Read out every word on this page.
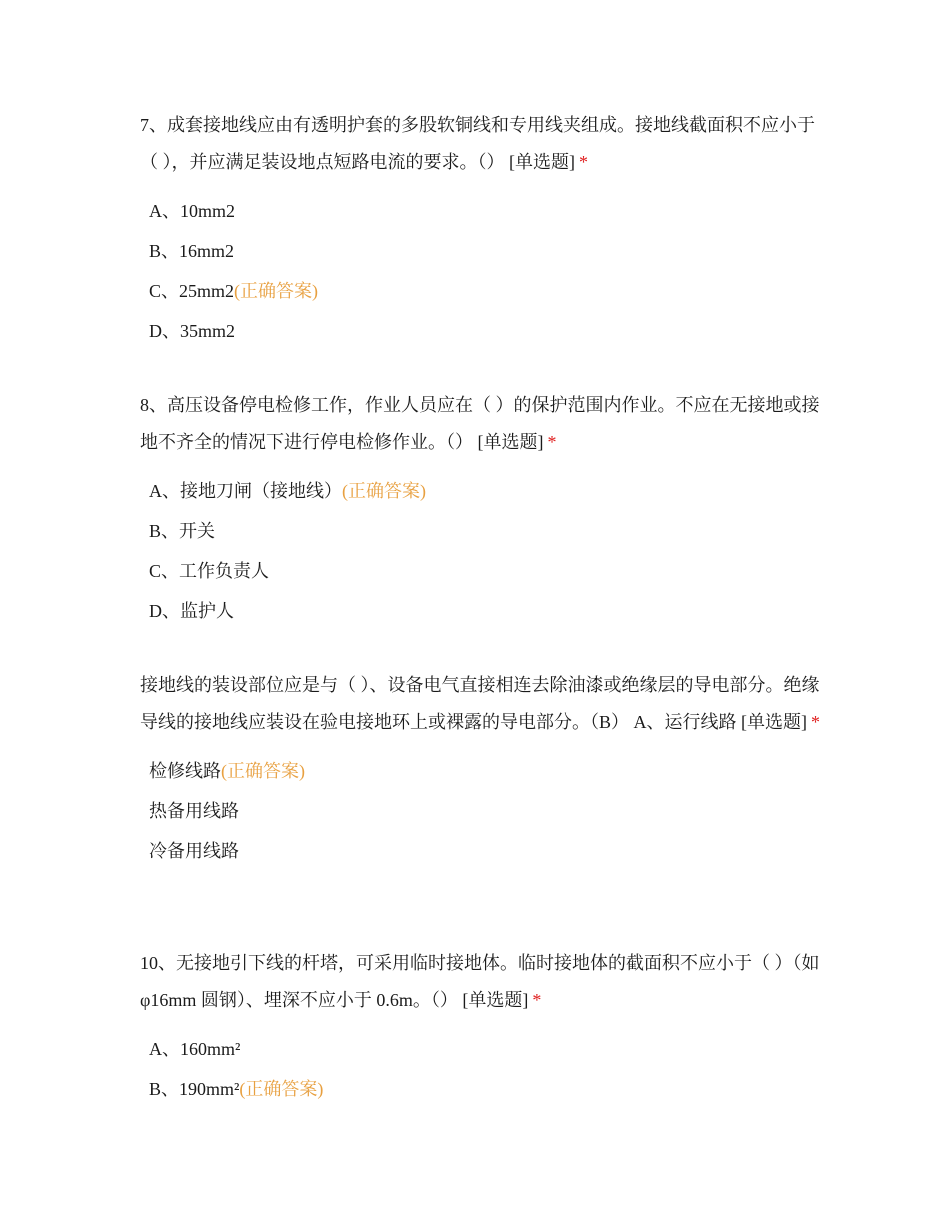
7、成套接地线应由有透明护套的多股软铜线和专用线夹组成。接地线截面积不应小于（ ），并应满足装设地点短路电流的要求。（） [单选题] *

A、10mm2
B、16mm2
C、25mm2(正确答案)
D、35mm2

8、高压设备停电检修工作，作业人员应在（ ）的保护范围内作业。不应在无接地或接地不齐全的情况下进行停电检修作业。（） [单选题] *

A、接地刀闸（接地线）(正确答案)
B、开关
C、工作负责人
D、监护人

接地线的装设部位应是与（ ）、设备电气直接相连去除油漆或绝缘层的导电部分。绝缘导线的接地线应装设在验电接地环上或裸露的导电部分。（B） A、运行线路 [单选题] *

检修线路(正确答案)
热备用线路
冷备用线路

10、无接地引下线的杆塔，可采用临时接地体。临时接地体的截面积不应小于（ ）（如 φ16mm 圆钢）、埋深不应小于 0.6m。（） [单选题] *

A、160mm²
B、190mm²(正确答案)
